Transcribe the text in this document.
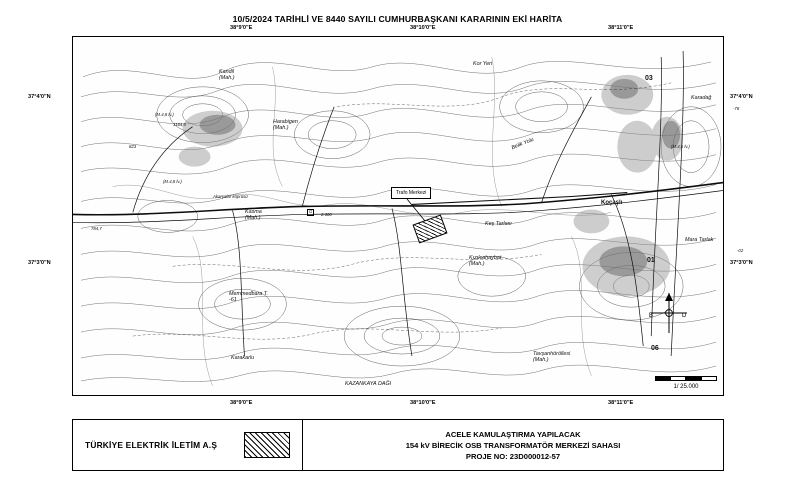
10/5/2024 TARİHLİ VE 8440 SAYILI CUMHURBAŞKANI KARARININ EKİ HARİTA
38°9'0"E	38°10'0"E	38°11'0"E
37°4'0"N
37°3'0"N
37°4'0"N
37°3'0"N
38°9'0"E	38°10'0"E	38°11'0"E
Kandil
(Mah.)
Kor Yeri
Harabigen
(Mah.)
Belik Yolu
Akarçalar köprüsü
Kasma
(Mah.)
Keş Tarlası
Kızılcahaybat
(Mah.)
Mara Tarlak
Koçaşlı
Karadağ
Memmedbara T.
-61
Karakarlu
KAZANKAYA DAĞI
Tavşanhöröllesi
(Mah.)
1164,6
(M.4,8 lv.)
823
(M.4,8 lv.)
784,7
(M.4,5 lv.)
-78
-02
03
01
06
Trafo Merkezi
G
2.600
B	D
1/ 25.000
TÜRKİYE ELEKTRİK İLETİM A.Ş
ACELE KAMULAŞTIRMA YAPILACAK
154 kV BİRECİK OSB TRANSFORMATÖR MERKEZİ SAHASI
PROJE NO: 23D000012-57
